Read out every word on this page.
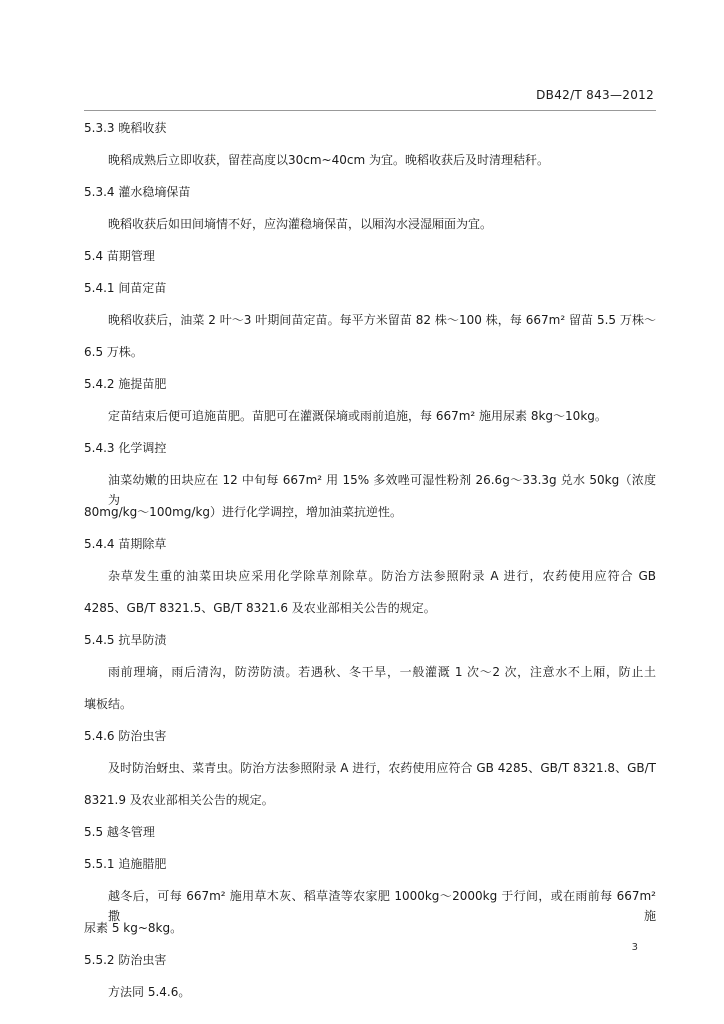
DB42/T 843—2012
5.3.3 晚稻收获
晚稻成熟后立即收获，留茬高度以30cm~40cm 为宜。晚稻收获后及时清理秸秆。
5.3.4 灌水稳墒保苗
晚稻收获后如田间墒情不好，应沟灌稳墒保苗，以厢沟水浸湿厢面为宜。
5.4 苗期管理
5.4.1 间苗定苗
晚稻收获后，油菜 2 叶～3 叶期间苗定苗。每平方米留苗 82 株～100 株，每 667m² 留苗 5.5 万株～
6.5 万株。
5.4.2 施提苗肥
定苗结束后便可追施苗肥。苗肥可在灌溉保墒或雨前追施，每 667m² 施用尿素 8kg～10kg。
5.4.3 化学调控
油菜幼嫩的田块应在 12 中旬每 667m² 用 15% 多效唑可湿性粉剂 26.6g～33.3g 兑水 50kg（浓度为
80mg/kg～100mg/kg）进行化学调控，增加油菜抗逆性。
5.4.4 苗期除草
杂草发生重的油菜田块应采用化学除草剂除草。防治方法参照附录 A 进行，农药使用应符合 GB
4285、GB/T 8321.5、GB/T 8321.6 及农业部相关公告的规定。
5.4.5 抗旱防渍
雨前理墒，雨后清沟，防涝防渍。若遇秋、冬干旱，一般灌溉 1 次～2 次，注意水不上厢，防止土
壤板结。
5.4.6 防治虫害
及时防治蚜虫、菜青虫。防治方法参照附录 A 进行，农药使用应符合 GB 4285、GB/T 8321.8、GB/T
8321.9 及农业部相关公告的规定。
5.5 越冬管理
5.5.1 追施腊肥
越冬后，可每 667m² 施用草木灰、稻草渣等农家肥 1000kg～2000kg 于行间，或在雨前每 667m² 撒施
尿素 5 kg~8kg。
5.5.2 防治虫害
方法同 5.4.6。
3
